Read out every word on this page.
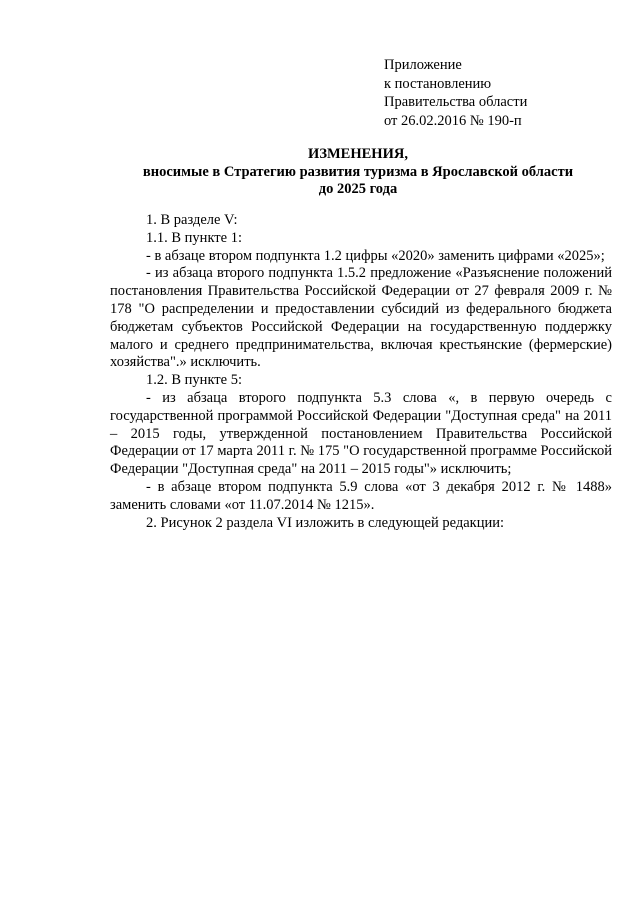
Приложение
к постановлению
Правительства области
от 26.02.2016 № 190-п
ИЗМЕНЕНИЯ,
вносимые в Стратегию развития туризма в Ярославской области
до 2025 года

1. В разделе V:

1.1. В пункте 1:

- в абзаце втором подпункта 1.2 цифры «2020» заменить цифрами «2025»;

- из абзаца второго подпункта 1.5.2 предложение «Разъяснение положений постановления Правительства Российской Федерации от 27 февраля 2009 г. № 178 "О распределении и предоставлении субсидий из федерального бюджета бюджетам субъектов Российской Федерации на государственную поддержку малого и среднего предпринимательства, включая крестьянские (фермерские) хозяйства".» исключить.

1.2. В пункте 5:

- из абзаца второго подпункта 5.3 слова «, в первую очередь с государственной программой Российской Федерации "Доступная среда" на 2011 – 2015 годы, утвержденной постановлением Правительства Российской Федерации от 17 марта 2011 г. № 175 "О государственной программе Российской Федерации "Доступная среда" на 2011 – 2015 годы"» исключить;

- в абзаце втором подпункта 5.9 слова «от 3 декабря 2012 г. № 1488» заменить словами «от 11.07.2014 № 1215».

2. Рисунок 2 раздела VI изложить в следующей редакции:
